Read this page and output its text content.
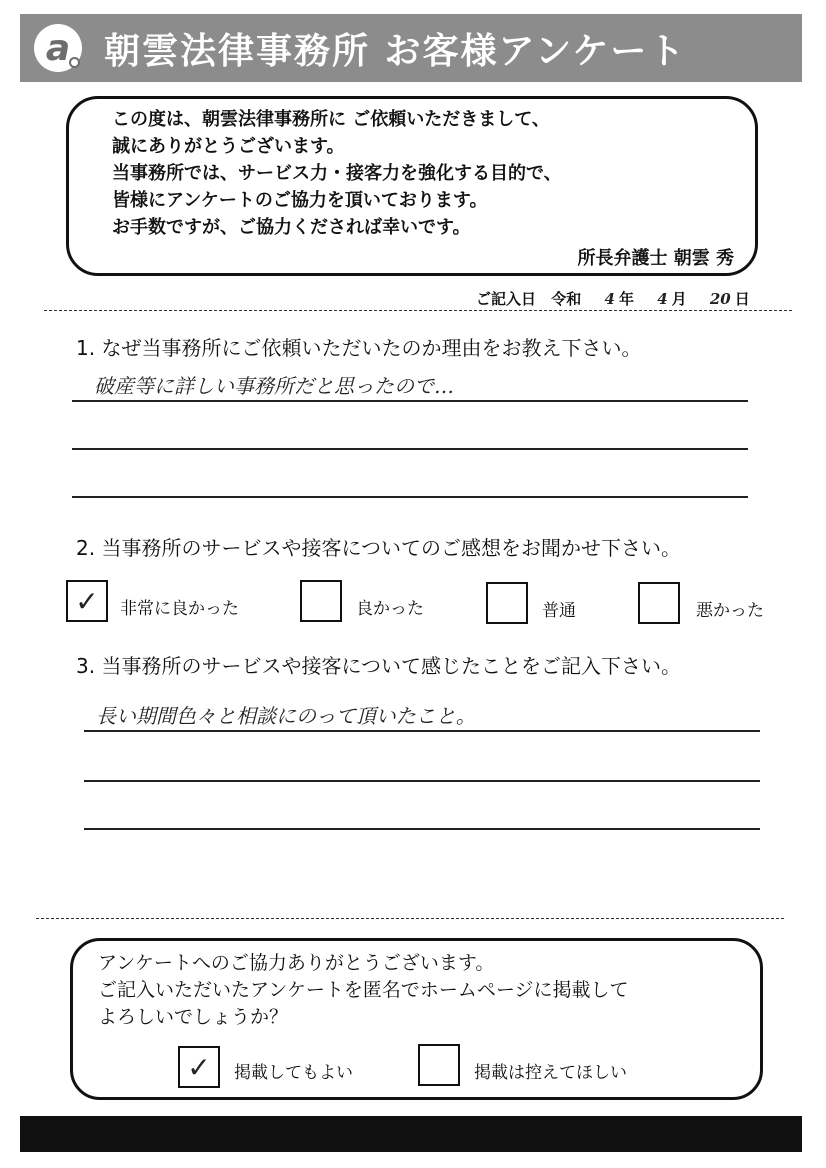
a 朝雲法律事務所 お客様アンケート
この度は、朝雲法律事務所に ご依頼いただきまして、
誠にありがとうございます。
当事務所では、サービス力・接客力を強化する目的で、
皆様にアンケートのご協力を頂いております。
お手数ですが、ご協力くだされば幸いです。
所長弁護士 朝雲 秀
ご記入日 令和 4 年 4 月 20 日
1. なぜ当事務所にご依頼いただいたのか理由をお教え下さい。
破産等に詳しい事務所だと思ったので…
2. 当事務所のサービスや接客についてのご感想をお聞かせ下さい。
✓	非常に良かった	良かった	普通	悪かった
3. 当事務所のサービスや接客について感じたことをご記入下さい。
長い期間色々と相談にのって頂いたこと。
アンケートへのご協力ありがとうございます。
ご記入いただいたアンケートを匿名でホームページに掲載して
よろしいでしょうか？
✓	掲載してもよい	掲載は控えてほしい
